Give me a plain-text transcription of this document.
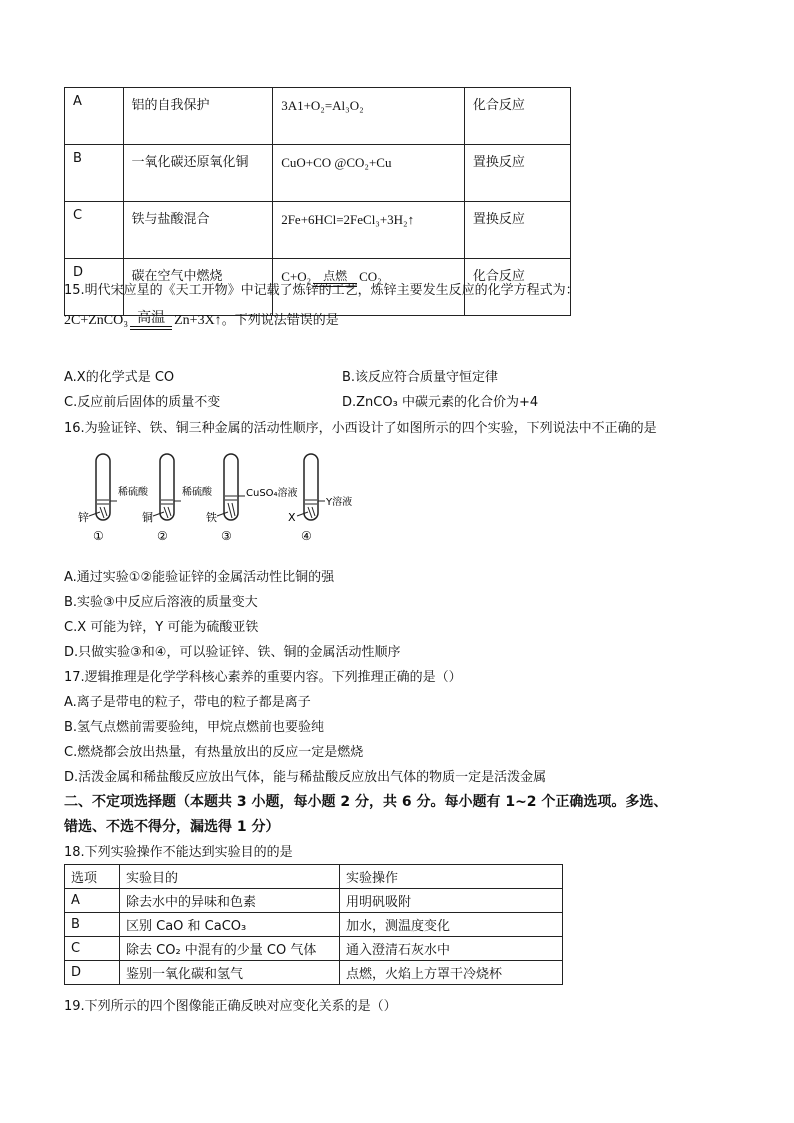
A	铝的自我保护	3A1+O₂=Al₃O₂	化合反应
B	一氧化碳还原氧化铜	CuO+CO @CO₂+Cu	置换反应
C	铁与盐酸混合	2Fe+6HCl=2FeCl₃+3H₂↑	置换反应
D	碳在空气中燃烧	C+O₂ 点燃 CO₂	化合反应
15.明代宋应星的《天工开物》中记载了炼锌的工艺，炼锌主要发生反应的化学方程式为：
2C+ZnCO₃ 高温 Zn+3X↑。下列说法错误的是
A.X的化学式是 CO	B.该反应符合质量守恒定律
C.反应前后固体的质量不变	D.ZnCO₃ 中碳元素的化合价为+4
16.为验证锌、铁、铜三种金属的活动性顺序，小西设计了如图所示的四个实验，下列说法中不正确的是
稀硫酸
锌
①
稀硫酸
铜
②
CuSO₄溶液
铁
③
Y溶液
X
④
A.通过实验①②能验证锌的金属活动性比铜的强
B.实验③中反应后溶液的质量变大
C.X 可能为锌，Y 可能为硫酸亚铁
D.只做实验③和④，可以验证锌、铁、铜的金属活动性顺序
17.逻辑推理是化学学科核心素养的重要内容。下列推理正确的是（）
A.离子是带电的粒子，带电的粒子都是离子
B.氢气点燃前需要验纯，甲烷点燃前也要验纯
C.燃烧都会放出热量，有热量放出的反应一定是燃烧
D.活泼金属和稀盐酸反应放出气体，能与稀盐酸反应放出气体的物质一定是活泼金属
二、不定项选择题（本题共 3 小题，每小题 2 分，共 6 分。每小题有 1~2 个正确选项。多选、
错选、不选不得分，漏选得 1 分）
18.下列实验操作不能达到实验目的的是
选项	实验目的	实验操作
A	除去水中的异味和色素	用明矾吸附
B	区别 CaO 和 CaCO₃	加水，测温度变化
C	除去 CO₂ 中混有的少量 CO 气体	通入澄清石灰水中
D	鉴别一氧化碳和氢气	点燃，火焰上方罩干冷烧杯
19.下列所示的四个图像能正确反映对应变化关系的是（）
